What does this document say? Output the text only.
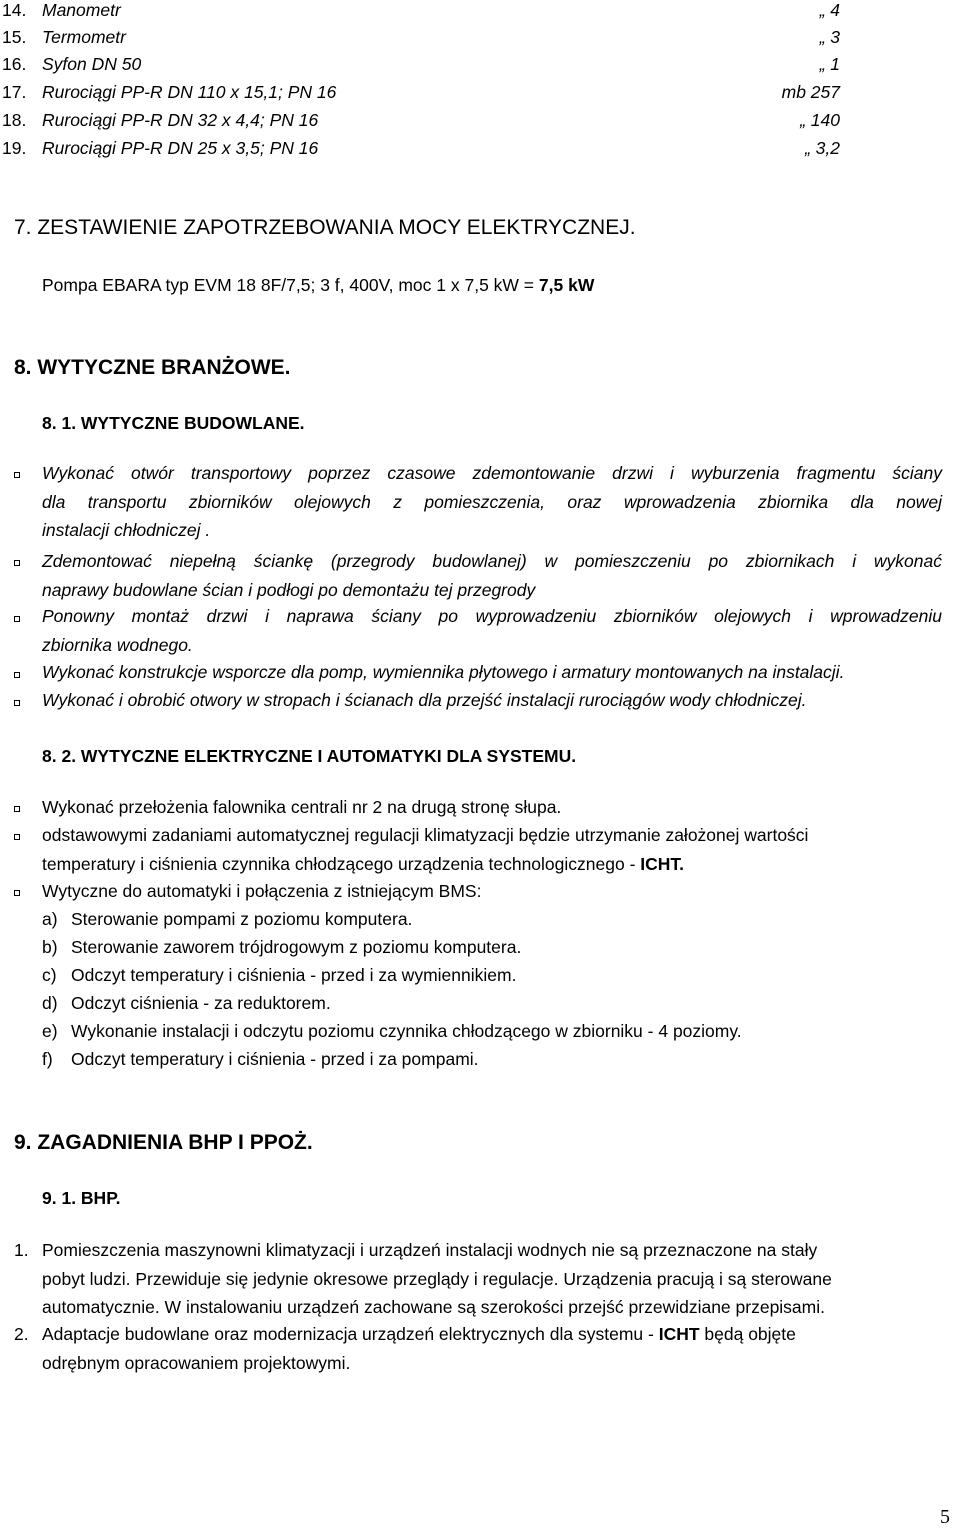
14. Manometr	„ 4
15. Termometr	„ 3
16. Syfon DN 50	„ 1
17. Rurociągi PP-R DN 110 x 15,1; PN 16	mb 257
18. Rurociągi PP-R DN 32 x 4,4; PN 16	„ 140
19. Rurociągi PP-R DN 25 x 3,5; PN 16	„ 3,2
7. ZESTAWIENIE ZAPOTRZEBOWANIA MOCY ELEKTRYCZNEJ.
Pompa EBARA typ EVM 18 8F/7,5; 3 f, 400V, moc 1 x 7,5 kW = 7,5 kW
8. WYTYCZNE BRANŻOWE.
8. 1. WYTYCZNE BUDOWLANE.
Wykonać otwór transportowy poprzez czasowe zdemontowanie drzwi i wyburzenia fragmentu ściany
dla transportu zbiorników olejowych z pomieszczenia, oraz wprowadzenia zbiornika dla nowej
instalacji chłodniczej .
Zdemontować niepełną ściankę (przegrody budowlanej) w pomieszczeniu po zbiornikach i wykonać
naprawy budowlane ścian i podłogi po demontażu tej przegrody
Ponowny montaż drzwi i naprawa ściany po wyprowadzeniu zbiorników olejowych i wprowadzeniu
zbiornika wodnego.
Wykonać konstrukcje wsporcze dla pomp, wymiennika płytowego i armatury montowanych na instalacji.
Wykonać i obrobić otwory w stropach i ścianach dla przejść instalacji rurociągów wody chłodniczej.
8. 2. WYTYCZNE ELEKTRYCZNE I AUTOMATYKI DLA SYSTEMU.
Wykonać przełożenia falownika centrali nr 2 na drugą stronę słupa.
odstawowymi zadaniami automatycznej regulacji klimatyzacji będzie utrzymanie założonej wartości
temperatury i ciśnienia czynnika chłodzącego urządzenia technologicznego - ICHT.
Wytyczne do automatyki i połączenia z istniejącym BMS:
a) Sterowanie pompami z poziomu komputera.
b) Sterowanie zaworem trójdrogowym z poziomu komputera.
c) Odczyt temperatury i ciśnienia - przed i za wymiennikiem.
d) Odczyt ciśnienia - za reduktorem.
e) Wykonanie instalacji i odczytu poziomu czynnika chłodzącego w zbiorniku - 4 poziomy.
f) Odczyt temperatury i ciśnienia - przed i za pompami.
9. ZAGADNIENIA BHP I PPOŻ.
9. 1. BHP.
1. Pomieszczenia maszynowni klimatyzacji i urządzeń instalacji wodnych nie są przeznaczone na stały
pobyt ludzi. Przewiduje się jedynie okresowe przeglądy i regulacje. Urządzenia pracują i są sterowane
automatycznie. W instalowaniu urządzeń zachowane są szerokości przejść przewidziane przepisami.
2. Adaptacje budowlane oraz modernizacja urządzeń elektrycznych dla systemu - ICHT będą objęte
odrębnym opracowaniem projektowymi.
5
